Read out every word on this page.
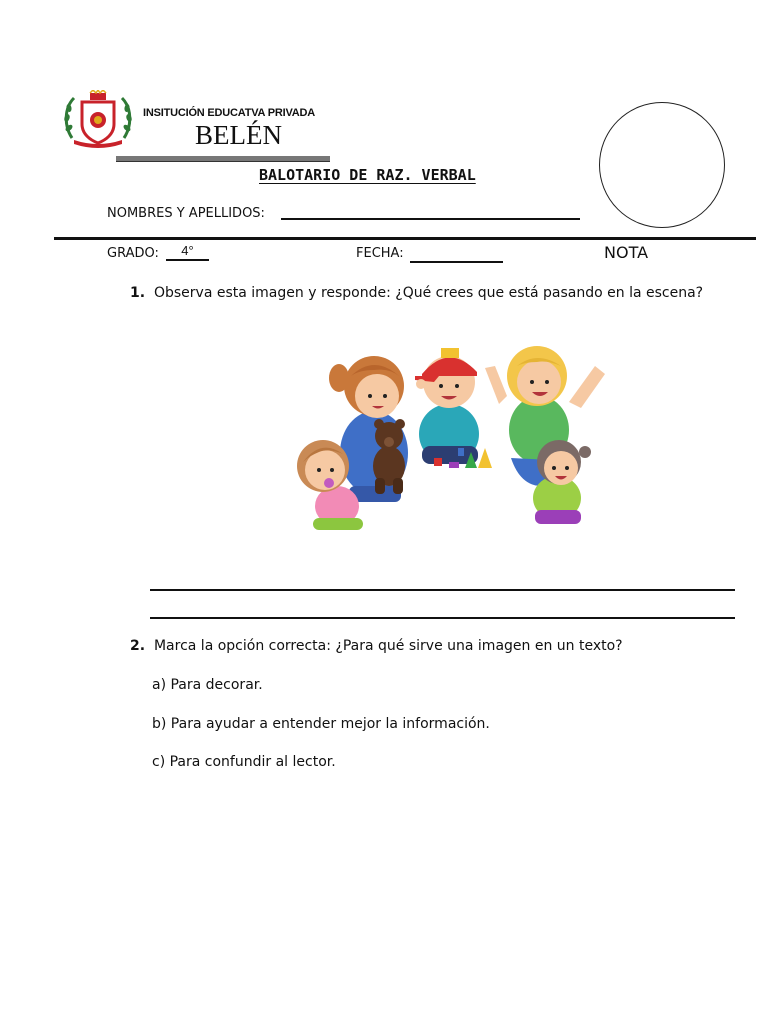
INSITUCIÓN EDUCATVA PRIVADA
BELÉN
BALOTARIO DE RAZ. VERBAL
NOMBRES Y APELLIDOS:
GRADO:	4°	FECHA:	NOTA
1. Observa esta imagen y responde: ¿Qué crees que está pasando en la escena?
2. Marca la opción correcta: ¿Para qué sirve una imagen en un texto?
a) Para decorar.
b) Para ayudar a entender mejor la información.
c) Para confundir al lector.
